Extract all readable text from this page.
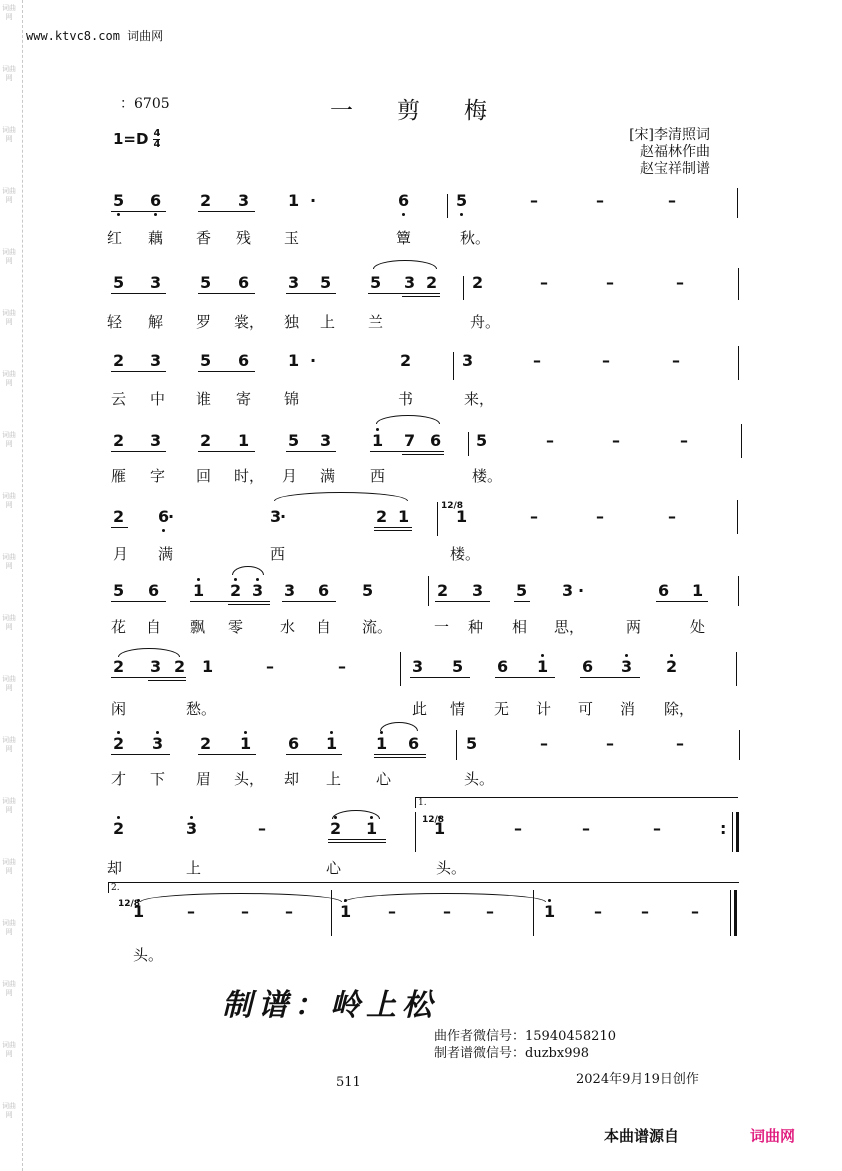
词曲网
词曲网
词曲网
词曲网
词曲网
词曲网
词曲网
词曲网
词曲网
词曲网
词曲网
词曲网
词曲网
词曲网
词曲网
词曲网
词曲网
词曲网
词曲网
www.ktvc8.com 词曲网
：6705	一剪梅
$1=D \frac{4}{4}$	[宋]李清照词
赵福林作曲
赵宝祥制谱
5 6 2 3 1 ·	6	5	–	–	–
红 藕 香 残 玉	簟	秋。
5 3 5 6 3 5 5 3 2 2	–	–	–
轻 解 罗 裳， 独 上 兰	舟。
2 3 5 6 1 ·	2	3	–	–	–
云 中 谁 寄 锦	书	来，
2 3 2 1 5 3	1 7 6 5	–	–	–
雁 字 回 时， 月 满 西	楼。
2 6
·	3
·	2 1	1	–	–	–
12/8
月 满	西	楼。
5 6 1 2 3 3 6 5	2 3 5 3 ·	6 1
花 自 飘 零 水 自 流。	一 种 相 思，	两	处
2 3 2 1	–	–	3 5 6 1 6 3 2
闲	愁。	此 情 无 计 可 消 除，
2 3 2 1 6 1 1 6	5	–	–	–
才 下 眉 头， 却 上 心	头。
2	3	–	2 1	1	–	–	–	:
12/8
1.
却	上	心	头。
1	–	– –	1 –	– –	1 – –	–
12/8
2.
头。
制谱：岭上松
曲作者微信号：15940458210
制者谱微信号：duzbx998
511	2024年9月19日创作
本曲谱源自	词曲网
